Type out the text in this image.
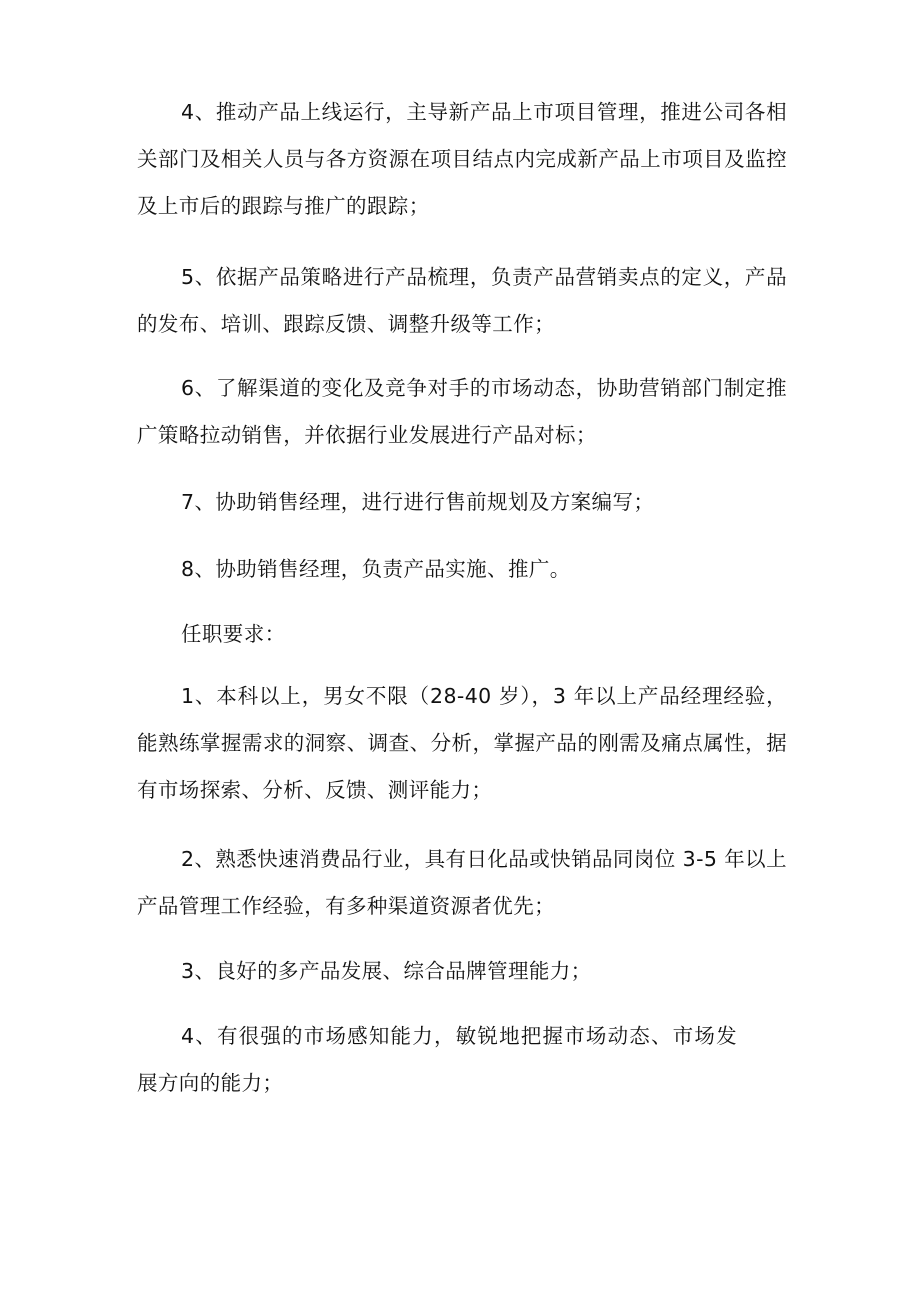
4、推动产品上线运行，主导新产品上市项目管理，推进公司各相关部门及相关人员与各方资源在项目结点内完成新产品上市项目及监控及上市后的跟踪与推广的跟踪；

5、依据产品策略进行产品梳理，负责产品营销卖点的定义，产品的发布、培训、跟踪反馈、调整升级等工作；

6、了解渠道的变化及竞争对手的市场动态，协助营销部门制定推广策略拉动销售，并依据行业发展进行产品对标；

7、协助销售经理，进行进行售前规划及方案编写；

8、协助销售经理，负责产品实施、推广。

任职要求：

1、本科以上，男女不限（28-40 岁），3 年以上产品经理经验，能熟练掌握需求的洞察、调查、分析，掌握产品的刚需及痛点属性，据有市场探索、分析、反馈、测评能力；

2、熟悉快速消费品行业，具有日化品或快销品同岗位 3-5 年以上产品管理工作经验，有多种渠道资源者优先；

3、良好的多产品发展、综合品牌管理能力；

4、有很强的市场感知能力，敏锐地把握市场动态、市场发展方向的能力；
